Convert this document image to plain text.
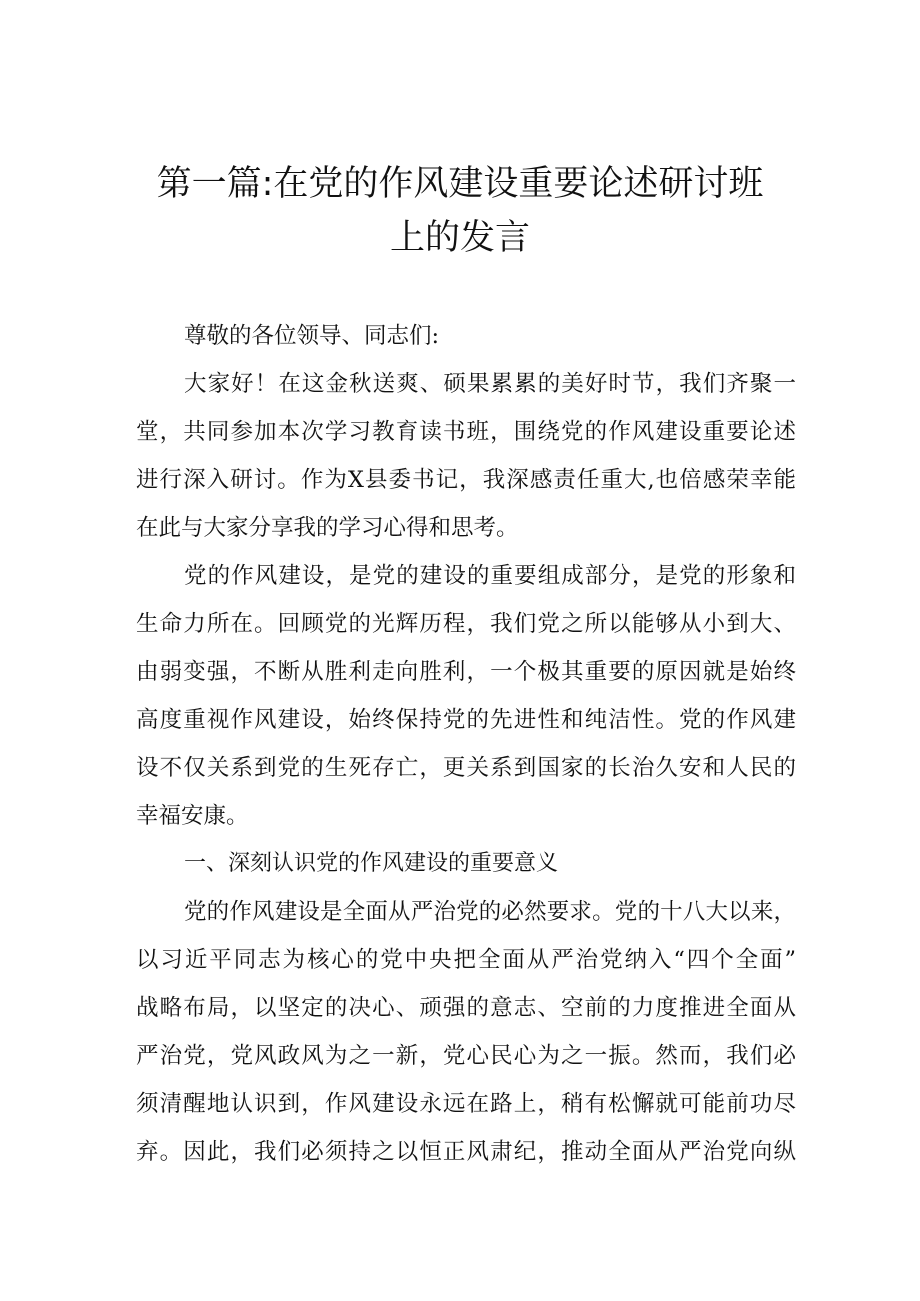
第一篇:在党的作风建设重要论述研讨班
上的发言
尊敬的各位领导、同志们:
大家好！在这金秋送爽、硕果累累的美好时节，我们齐聚一
堂，共同参加本次学习教育读书班，围绕党的作风建设重要论述
进行深入研讨。作为X县委书记，我深感责任重大,也倍感荣幸能
在此与大家分享我的学习心得和思考。
党的作风建设，是党的建设的重要组成部分，是党的形象和
生命力所在。回顾党的光辉历程，我们党之所以能够从小到大、
由弱变强，不断从胜利走向胜利，一个极其重要的原因就是始终
高度重视作风建设，始终保持党的先进性和纯洁性。党的作风建
设不仅关系到党的生死存亡，更关系到国家的长治久安和人民的
幸福安康。
一、深刻认识党的作风建设的重要意义
党的作风建设是全面从严治党的必然要求。党的十八大以来，
以习近平同志为核心的党中央把全面从严治党纳入“四个全面”
战略布局，以坚定的决心、顽强的意志、空前的力度推进全面从
严治党，党风政风为之一新，党心民心为之一振。然而，我们必
须清醒地认识到，作风建设永远在路上，稍有松懈就可能前功尽
弃。因此，我们必须持之以恒正风肃纪，推动全面从严治党向纵
